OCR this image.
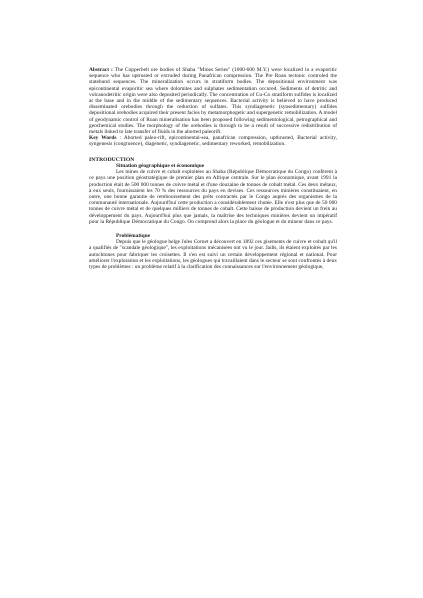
Abstract : The Copperbelt ore bodies of Shaba "Mines Series" (1000-600 M.Y.) were localized in a evaporitic sequence who has uptrusted or extruded during Panafrican compression. The Pre Roan tectonic controled the statebund sequences. The mineralization occurs in stratiform bodies. The depositional environment was epicontinental evaporitic sea where dolomites and sulphates sedimentation occured. Sediments of detritic and volcanodetritic origin were also deposited periodically. The concentration of Cu-Co stratiform sulfides is localized at the base and in the middle of the sedimentary sequences. Bacterial activity is believed to have produced disseminated orebodies through the reduction of sulfates. This syndiagenetic (synsedimentary) sulfides depositional orebodies acquired their present facies by metamorphogetic and supergenetic remobilization. A model of geodynamic control of Roan mineralisation has been proposed following sedimentological, petrographical and geochemical studies. The morphology of the orebodies is through to be a result of successive redistribution of metals linked to late transfer of fluids in the aborted paleorift.

Key Words : Aborted paleo-rift, epicontinental-sea, panafrican compression, upthrusted, Bacterial activity, syngenesis (congruence), diagenetic, syndiagenetic, sedimentary reworked, remobilization.

INTRODUCTION
Situation géographique et économique

Les mines de cuivre et cobalt exploitées au Shaba (République Démocratique du Congo) confèrent à ce pays une position géostratégique de premier plan en Afrique centrale. Sur le plan économique, avant 1991 la production était de 500 000 tonnes de cuivre métal et d'une douzaine de tonnes de cobalt métal. Ces deux métaux, à eux seuls, fournissaient les 70 % des ressources du pays en devises. Ces ressources minières constituaient, en outre, une bonne garantie de remboursement des prêts contractés par le Congo auprès des organismes de la communauté internationale. Aujourd'hui cette production a considérablement chutée. Elle n'est plus que de 50 000 tonnes de cuivre métal et de quelques milliers de tonnes de cobalt. Cette baisse de production devient un frein au développement du pays. Aujourd'hui plus que jamais, la maîtrise des techniques minières devient un impératif pour la République Démocratique du Congo. On comprend alors la place du géologue et du mineur dans ce pays.

Problématique

Depuis que le géologue belge Jules Cornet a découvert en 1892 ces gisements de cuivre et cobalt qu'il a qualifiés de "scandale géologique", les exploitations mécanisées ont vu le jour. Jadis, ils étaient exploités par les autochtones pour fabriquer les croisettes. Il s'en est suivi un certain développement régional et national. Pour améliorer l'exploration et les exploitations, les géologues qui travaillaient dans le secteur se sont confrontés à deux types de problèmes : un problème relatif à la clarification des connaissances sur l'environnement géologique,
